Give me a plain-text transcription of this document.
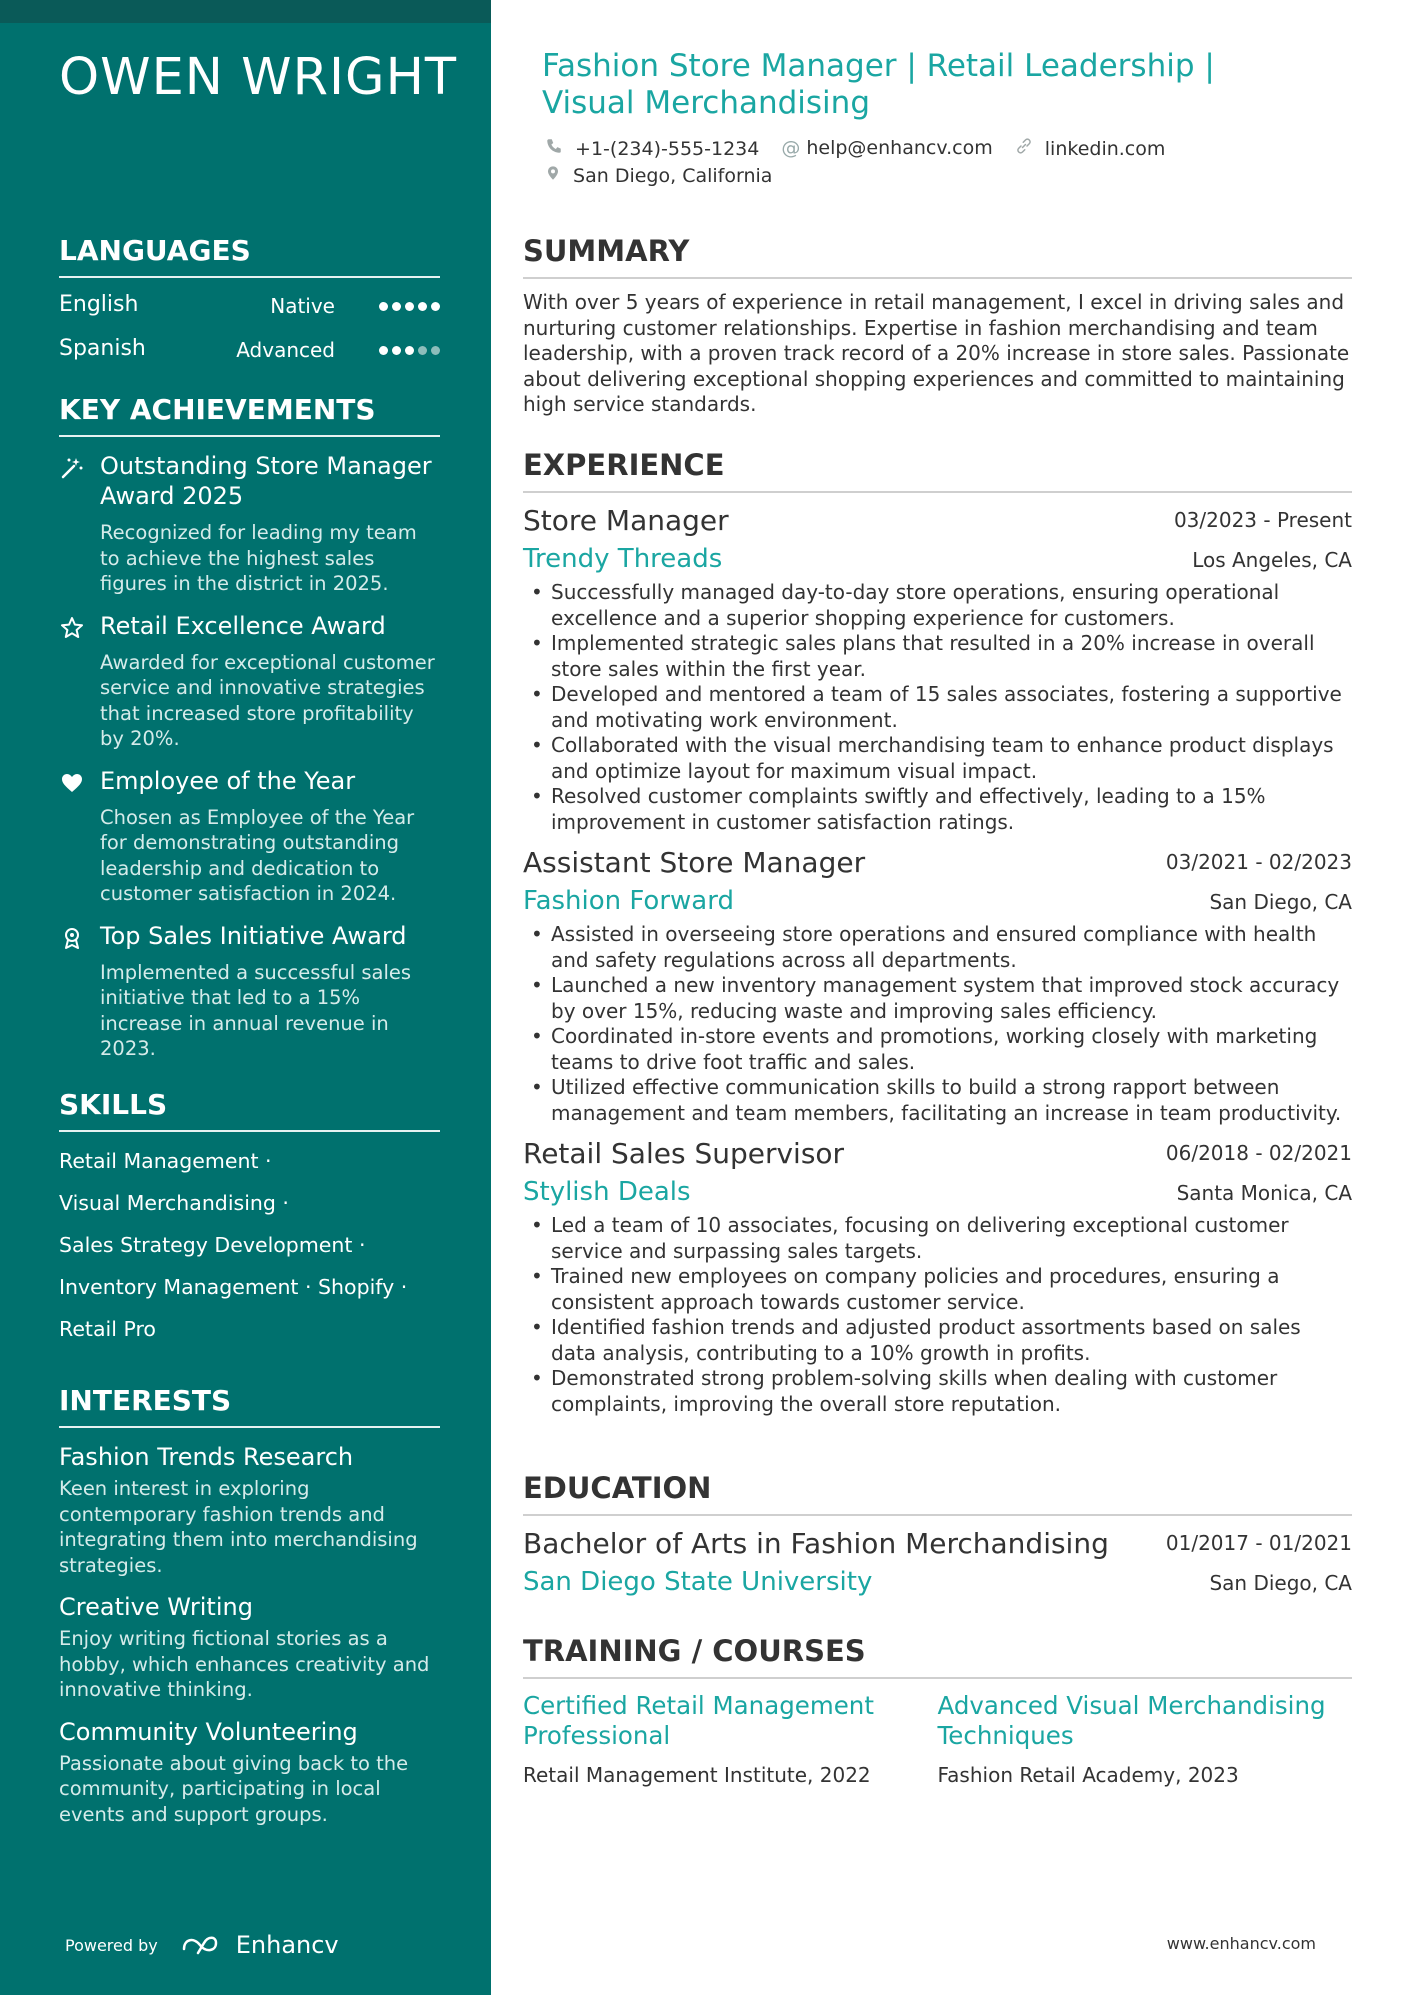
OWEN WRIGHT
LANGUAGES
English	Native
Spanish	Advanced
KEY ACHIEVEMENTS
Outstanding Store Manager Award 2025
Recognized for leading my team to achieve the highest sales figures in the district in 2025.
Retail Excellence Award
Awarded for exceptional customer service and innovative strategies that increased store profitability by 20%.
Employee of the Year
Chosen as Employee of the Year for demonstrating outstanding leadership and dedication to customer satisfaction in 2024.
Top Sales Initiative Award
Implemented a successful sales initiative that led to a 15% increase in annual revenue in 2023.
SKILLS
Retail Management ·
Visual Merchandising ·
Sales Strategy Development ·
Inventory Management · Shopify ·
Retail Pro
INTERESTS
Fashion Trends Research
Keen interest in exploring contemporary fashion trends and integrating them into merchandising strategies.
Creative Writing
Enjoy writing fictional stories as a hobby, which enhances creativity and innovative thinking.
Community Volunteering
Passionate about giving back to the community, participating in local events and support groups.
Powered by	Enhancv
Fashion Store Manager | Retail Leadership | Visual Merchandising
+1-(234)-555-1234 @ help@enhancv.com	linkedin.com
San Diego, California
SUMMARY
With over 5 years of experience in retail management, I excel in driving sales and nurturing customer relationships. Expertise in fashion merchandising and team leadership, with a proven track record of a 20% increase in store sales. Passionate about delivering exceptional shopping experiences and committed to maintaining high service standards.
EXPERIENCE
Store Manager	03/2023 - Present
Trendy Threads	Los Angeles, CA
• Successfully managed day-to-day store operations, ensuring operational excellence and a superior shopping experience for customers.
• Implemented strategic sales plans that resulted in a 20% increase in overall store sales within the first year.
• Developed and mentored a team of 15 sales associates, fostering a supportive and motivating work environment.
• Collaborated with the visual merchandising team to enhance product displays and optimize layout for maximum visual impact.
• Resolved customer complaints swiftly and effectively, leading to a 15% improvement in customer satisfaction ratings.
Assistant Store Manager	03/2021 - 02/2023
Fashion Forward	San Diego, CA
• Assisted in overseeing store operations and ensured compliance with health and safety regulations across all departments.
• Launched a new inventory management system that improved stock accuracy by over 15%, reducing waste and improving sales efficiency.
• Coordinated in-store events and promotions, working closely with marketing teams to drive foot traffic and sales.
• Utilized effective communication skills to build a strong rapport between management and team members, facilitating an increase in team productivity.
Retail Sales Supervisor	06/2018 - 02/2021
Stylish Deals	Santa Monica, CA
• Led a team of 10 associates, focusing on delivering exceptional customer service and surpassing sales targets.
• Trained new employees on company policies and procedures, ensuring a consistent approach towards customer service.
• Identified fashion trends and adjusted product assortments based on sales data analysis, contributing to a 10% growth in profits.
• Demonstrated strong problem-solving skills when dealing with customer complaints, improving the overall store reputation.
EDUCATION
Bachelor of Arts in Fashion Merchandising	01/2017 - 01/2021
San Diego State University	San Diego, CA
TRAINING / COURSES
Certified Retail Management Professional
Retail Management Institute, 2022
Advanced Visual Merchandising Techniques
Fashion Retail Academy, 2023
www.enhancv.com
